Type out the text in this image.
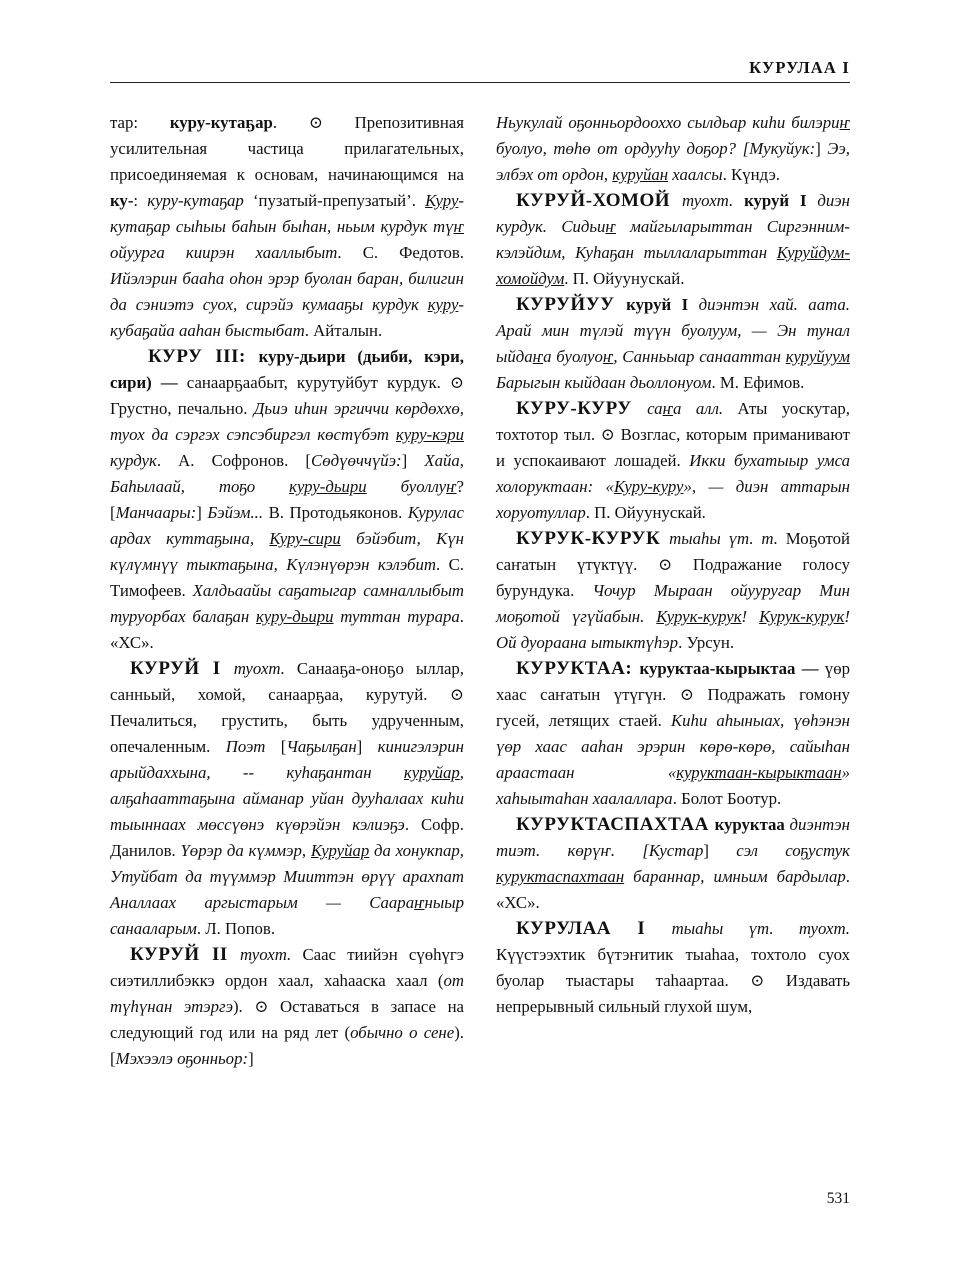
КУРУЛАА I

тар: куру-кутаҕар. ⊙ Препозитивная усилительная частица прилагательных, присоединяемая к основам, начинающимся на ку-: куру-кутаҕар ‘пузатый-препузатый’. Куру-кутаҕар сыһыы баһын быһан, ньым курдук түҥ ойуурга киирэн хааллыбыт. С. Федотов. Ийэлэрин бааһа оһон эрэр буолан баран, билигин да сэниэтэ суох, сирэйэ кумааҕы курдук куру-кубаҕайа ааһан быстыбат. Айталын.

КУРУ III: куру-дьири (дьиби, кэри, сири) — санаарҕаабыт, курутуйбут курдук. ⊙ Грустно, печально. Дьиэ иһин эргиччи көрдөххө, туох да сэргэх сэпсэбиргэл көстүбэт куру-кэри курдук. А. Софронов. [Сөдүөччүйэ:] Хайа, Баһылаай, тоҕо куру-дьири буоллуҥ? [Манчаары:] Бэйэм... В. Протодьяконов. Курулас ардах куттаҕына, Куру-сири бэйэбит, Күн күлүмнүү тыктаҕына, Күлэнүөрэн кэлэбит. С. Тимофеев. Халдьаайы саҕатыгар самналлыбыт туруорбах балаҕан куру-дьири туттан турара. «ХС».

КУРУЙ I туохт. Санааҕа-оноҕо ыллар, санньый, хомой, санаарҕаа, курутуй. ⊙ Печалиться, грустить, быть удрученным, опечаленным. Поэт [Чаҕылҕан] кинигэлэрин арыйдаххына, -- куһаҕантан куруйар, алҕаһааттаҕына айманар уйан дууһалаах киһи тыыннаах мөссүөнэ күөрэйэн кэлиэҕэ. Софр. Данилов. Үөрэр да күммэр, Куруйар да хонукпар, Утуйбат да түүммэр Мииттэн өрүү арахпат Аналлаах аргыстарым — Саараҥныыр санааларым. Л. Попов.

КУРУЙ II туохт. Саас тиийэн сүөһүгэ сиэтиллибэккэ ордон хаал, хаһааска хаал (от түһүнан этэргэ). ⊙ Оставаться в запасе на следующий год или на ряд лет (обычно о сене). [Мэхээлэ оҕонньор:]

Ньукулай оҕонньордооххо сылдьар киһи билэриҥ буолуо, төһө от ордууһу доҕор? [Мукуйук:] Ээ, элбэх от ордон, куруйан хаалсы. Күндэ.

КУРУЙ-ХОМОЙ туохт. куруй I диэн курдук. Сидьиҥ майгыларыттан Сиргэнним-кэлэйдим, Куһаҕан тыллаларыттан Куруйдум-хомойдум. П. Ойуунускай.

КУРУЙУУ куруй I диэнтэн хай. аата. Арай мин түлэй түүн буолуум, — Эн тунал ыйдаҥа буолуоҥ, Санньыар санааттан куруйуум Барыгын кыйдаан дьоллонуом. М. Ефимов.

КУРУ-КУРУ саҥа алл. Аты уоскутар, тохтотор тыл. ⊙ Возглас, которым приманивают и успокаивают лошадей. Икки бухатыыр умса холоруктаан: «Куру-куру», — диэн аттарын хоруотуллар. П. Ойуунускай.

КУРУК-КУРУК тыаһы үт. т. Моҕотой саҥатын үтүктүү. ⊙ Подражание голосу бурундука. Чочур Мыраан ойууругар Мин моҕотой үгүйабын. Курук-курук! Курук-курук! Ой дуораана ытыктүһэр. Урсун.

КУРУКТАА: куруктаа-кырыктаа — үөр хаас саҥатын үтүгүн. ⊙ Подражать гомону гусей, летящих стаей. Киһи аһыныах, үөһэнэн үөр хаас ааһан эрэрин көрө-көрө, сайыһан араастаан «куруктаан-кырыктаан» хаһыытаһан хаалаллара. Болот Боотур.

КУРУКТАСПАХТАА куруктаа диэнтэн тиэт. көрүҥ. [Кустар] сэл соҕустук куруктаспахтаан бараннар, имньим бардылар. «ХС».

КУРУЛАА I тыаһы үт. туохт. Күүстээхтик бүтэҥитик тыаһаа, тохтоло суох буолар тыастары таһаартаа. ⊙ Издавать непрерывный сильный глухой шум,

531
